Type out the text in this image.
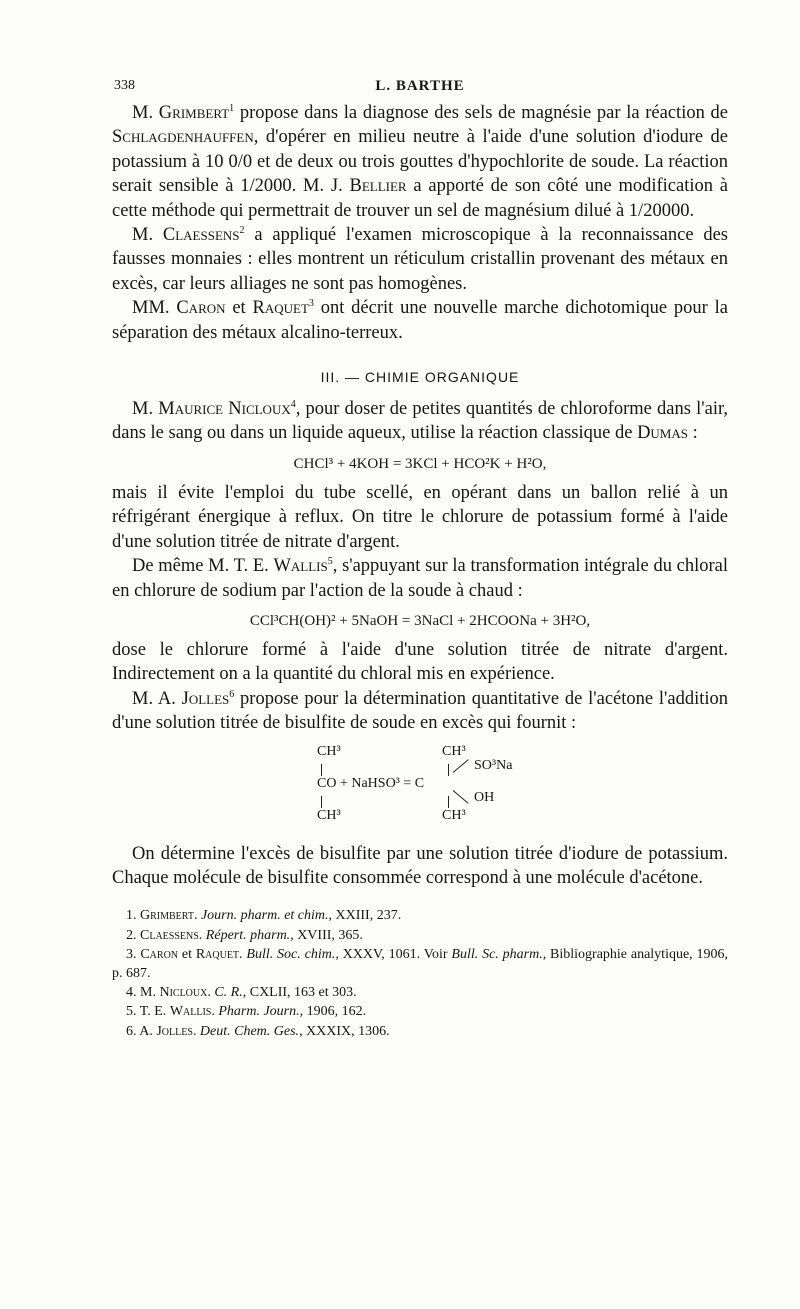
338	L. BARTHE

M. Grimbert$^1$ propose dans la diagnose des sels de magnésie par la réaction de Schlagdenhauffen, d'opérer en milieu neutre à l'aide d'une solution d'iodure de potassium à 10 0/0 et de deux ou trois gouttes d'hypochlorite de soude. La réaction serait sensible à 1/2000. M. J. Bellier a apporté de son côté une modification à cette méthode qui permettrait de trouver un sel de magnésium dilué à 1/20000.

M. Claessens$^2$ a appliqué l'examen microscopique à la reconnaissance des fausses monnaies : elles montrent un réticulum cristallin provenant des métaux en excès, car leurs alliages ne sont pas homogènes.

MM. Caron et Raquet$^3$ ont décrit une nouvelle marche dichotomique pour la séparation des métaux alcalino-terreux.

III. — CHIMIE ORGANIQUE

M. Maurice Nicloux$^4$, pour doser de petites quantités de chloroforme dans l'air, dans le sang ou dans un liquide aqueux, utilise la réaction classique de Dumas :

CHCl³ + 4KOH = 3KCl + HCO²K + H²O,

mais il évite l'emploi du tube scellé, en opérant dans un ballon relié à un réfrigérant énergique à reflux. On titre le chlorure de potassium formé à l'aide d'une solution titrée de nitrate d'argent.

De même M. T. E. Wallis$^5$, s'appuyant sur la transformation intégrale du chloral en chlorure de sodium par l'action de la soude à chaud :

CCl³CH(OH)² + 5NaOH = 3NaCl + 2HCOONa + 3H²O,

dose le chlorure formé à l'aide d'une solution titrée de nitrate d'argent. Indirectement on a la quantité du chloral mis en expérience.

M. A. Jolles$^6$ propose pour la détermination quantitative de l'acétone l'addition d'une solution titrée de bisulfite de soude en excès qui fournit :

CH³
CO + NaHSO³ = C
CH³
CH³
SO³Na
OH
CH³

On détermine l'excès de bisulfite par une solution titrée d'iodure de potassium. Chaque molécule de bisulfite consommée correspond à une molécule d'acétone.

1. Grimbert. Journ. pharm. et chim., XXIII, 237.
2. Claessens. Répert. pharm., XVIII, 365.
3. Caron et Raquet. Bull. Soc. chim., XXXV, 1061. Voir Bull. Sc. pharm., Bibliographie analytique, 1906, p. 687.
4. M. Nicloux. C. R., CXLII, 163 et 303.
5. T. E. Wallis. Pharm. Journ., 1906, 162.
6. A. Jolles. Deut. Chem. Ges., XXXIX, 1306.
